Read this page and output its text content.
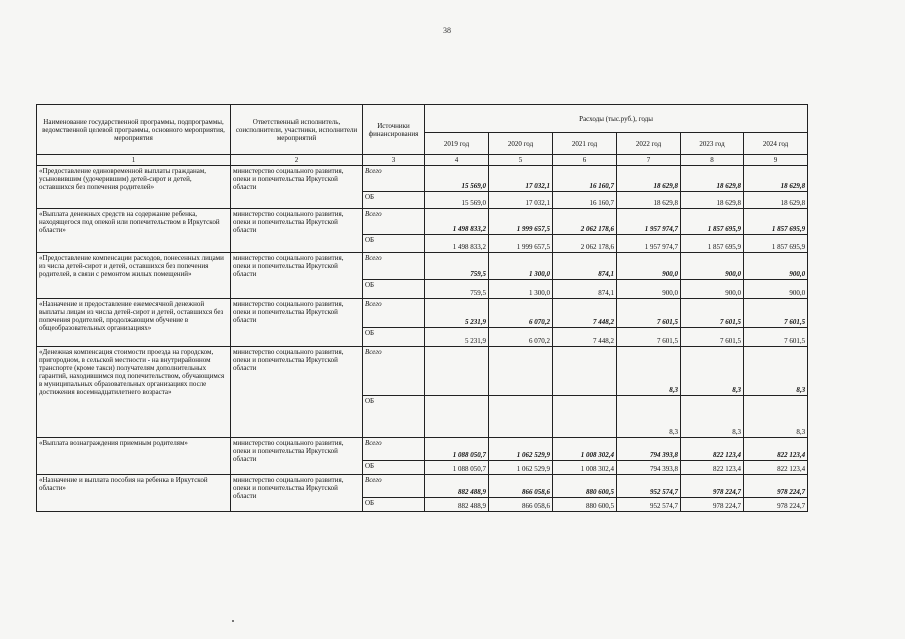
38
Наименование государственной программы, подпрограммы, ведомственной целевой программы, основного мероприятия, мероприятия	Ответственный исполнитель, соисполнители, участники, исполнители мероприятий	Источники финансирования	Расходы (тыс.руб.), годы					
			2019 год	2020 год	2021 год	2022 год	2023 год	2024 год
1	2	3	4	5	6	7	8	9
«Предоставление единовременной выплаты гражданам, усыновившим (удочерившим) детей-сирот и детей, оставшихся без попечения родителей»	министерство социального развития, опеки и попечительства Иркутской области	Всего	15 569,0	17 032,1	16 160,7	18 629,8	18 629,8	18 629,8
		ОБ	15 569,0	17 032,1	16 160,7	18 629,8	18 629,8	18 629,8
«Выплата денежных средств на содержание ребенка, находящегося под опекой или попечительством в Иркутской области»	министерство социального развития, опеки и попечительства Иркутской области	Всего	1 498 833,2	1 999 657,5	2 062 178,6	1 957 974,7	1 857 695,9	1 857 695,9
		ОБ	1 498 833,2	1 999 657,5	2 062 178,6	1 957 974,7	1 857 695,9	1 857 695,9
«Предоставление компенсации расходов, понесенных лицами из числа детей-сирот и детей, оставшихся без попечения родителей, в связи с ремонтом жилых помещений»	министерство социального развития, опеки и попечительства Иркутской области	Всего	759,5	1 300,0	874,1	900,0	900,0	900,0
		ОБ	759,5	1 300,0	874,1	900,0	900,0	900,0
«Назначение и предоставление ежемесячной денежной выплаты лицам из числа детей-сирот и детей, оставшихся без попечения родителей, продолжающим обучение в общеобразовательных организациях»	министерство социального развития, опеки и попечительства Иркутской области	Всего	5 231,9	6 070,2	7 448,2	7 601,5	7 601,5	7 601,5
		ОБ	5 231,9	6 070,2	7 448,2	7 601,5	7 601,5	7 601,5
«Денежная компенсация стоимости проезда на городском, пригородном, в сельской местности - на внутрирайонном транспорте (кроме такси) получателям дополнительных гарантий, находившимся под попечительством, обучающимся в муниципальных образовательных организациях после достижения восемнадцатилетнего возраста»	министерство социального развития, опеки и попечительства Иркутской области	Всего				8,3	8,3	8,3
		ОБ				8,3	8,3	8,3
«Выплата вознаграждения приемным родителям»	министерство социального развития, опеки и попечительства Иркутской области	Всего	1 088 050,7	1 062 529,9	1 008 302,4	794 393,8	822 123,4	822 123,4
		ОБ	1 088 050,7	1 062 529,9	1 008 302,4	794 393,8	822 123,4	822 123,4
«Назначение и выплата пособия на ребенка в Иркутской области»	министерство социального развития, опеки и попечительства Иркутской области	Всего	882 488,9	866 058,6	880 600,5	952 574,7	978 224,7	978 224,7
		ОБ	882 488,9	866 058,6	880 600,5	952 574,7	978 224,7	978 224,7
